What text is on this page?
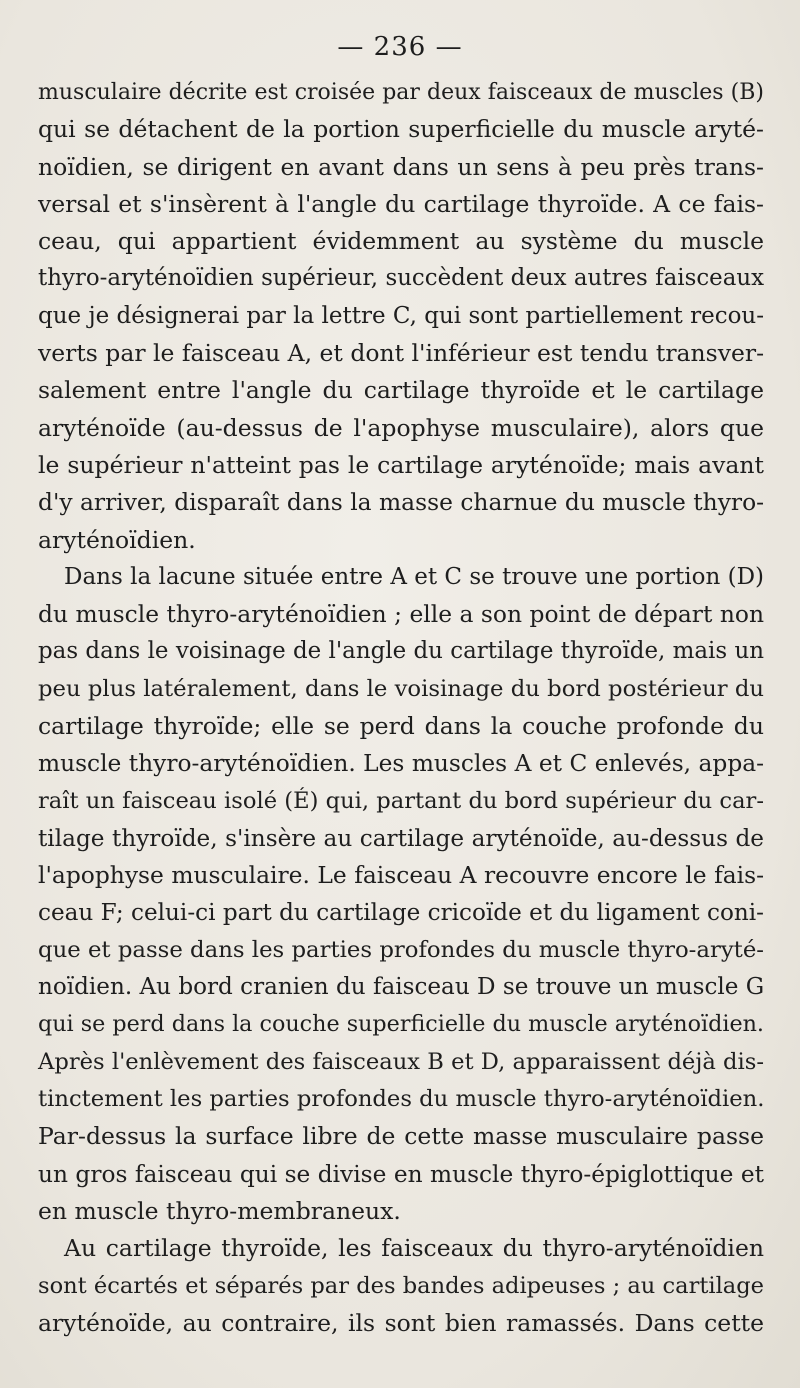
— 236 —
musculaire décrite est croisée par deux faisceaux de muscles (B)
qui se détachent de la portion superficielle du muscle aryté-
noïdien, se dirigent en avant dans un sens à peu près trans-
versal et s'insèrent à l'angle du cartilage thyroïde. A ce fais-
ceau, qui appartient évidemment au système du muscle
thyro-aryténoïdien supérieur, succèdent deux autres faisceaux
que je désignerai par la lettre C, qui sont partiellement recou-
verts par le faisceau A, et dont l'inférieur est tendu transver-
salement entre l'angle du cartilage thyroïde et le cartilage
aryténoïde (au-dessus de l'apophyse musculaire), alors que
le supérieur n'atteint pas le cartilage aryténoïde; mais avant
d'y arriver, disparaît dans la masse charnue du muscle thyro-
aryténoïdien.
Dans la lacune située entre A et C se trouve une portion (D)
du muscle thyro-aryténoïdien ; elle a son point de départ non
pas dans le voisinage de l'angle du cartilage thyroïde, mais un
peu plus latéralement, dans le voisinage du bord postérieur du
cartilage thyroïde; elle se perd dans la couche profonde du
muscle thyro-aryténoïdien. Les muscles A et C enlevés, appa-
raît un faisceau isolé (É) qui, partant du bord supérieur du car-
tilage thyroïde, s'insère au cartilage aryténoïde, au-dessus de
l'apophyse musculaire. Le faisceau A recouvre encore le fais-
ceau F; celui-ci part du cartilage cricoïde et du ligament coni-
que et passe dans les parties profondes du muscle thyro-aryté-
noïdien. Au bord cranien du faisceau D se trouve un muscle G
qui se perd dans la couche superficielle du muscle aryténoïdien.
Après l'enlèvement des faisceaux B et D, apparaissent déjà dis-
tinctement les parties profondes du muscle thyro-aryténoïdien.
Par-dessus la surface libre de cette masse musculaire passe
un gros faisceau qui se divise en muscle thyro-épiglottique et
en muscle thyro-membraneux.
Au cartilage thyroïde, les faisceaux du thyro-aryténoïdien
sont écartés et séparés par des bandes adipeuses ; au cartilage
aryténoïde, au contraire, ils sont bien ramassés. Dans cette
